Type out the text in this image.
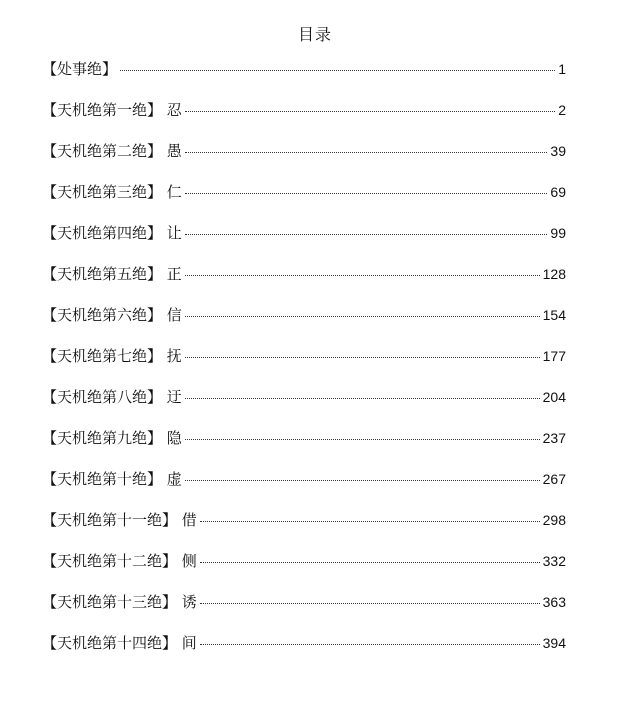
目录
【处事绝】	1
【天机绝第一绝】 忍	2
【天机绝第二绝】 愚	39
【天机绝第三绝】 仁	69
【天机绝第四绝】 让	99
【天机绝第五绝】 正	128
【天机绝第六绝】 信	154
【天机绝第七绝】 抚	177
【天机绝第八绝】 迂	204
【天机绝第九绝】 隐	237
【天机绝第十绝】 虚	267
【天机绝第十一绝】 借	298
【天机绝第十二绝】 侧	332
【天机绝第十三绝】 诱	363
【天机绝第十四绝】 间	394
